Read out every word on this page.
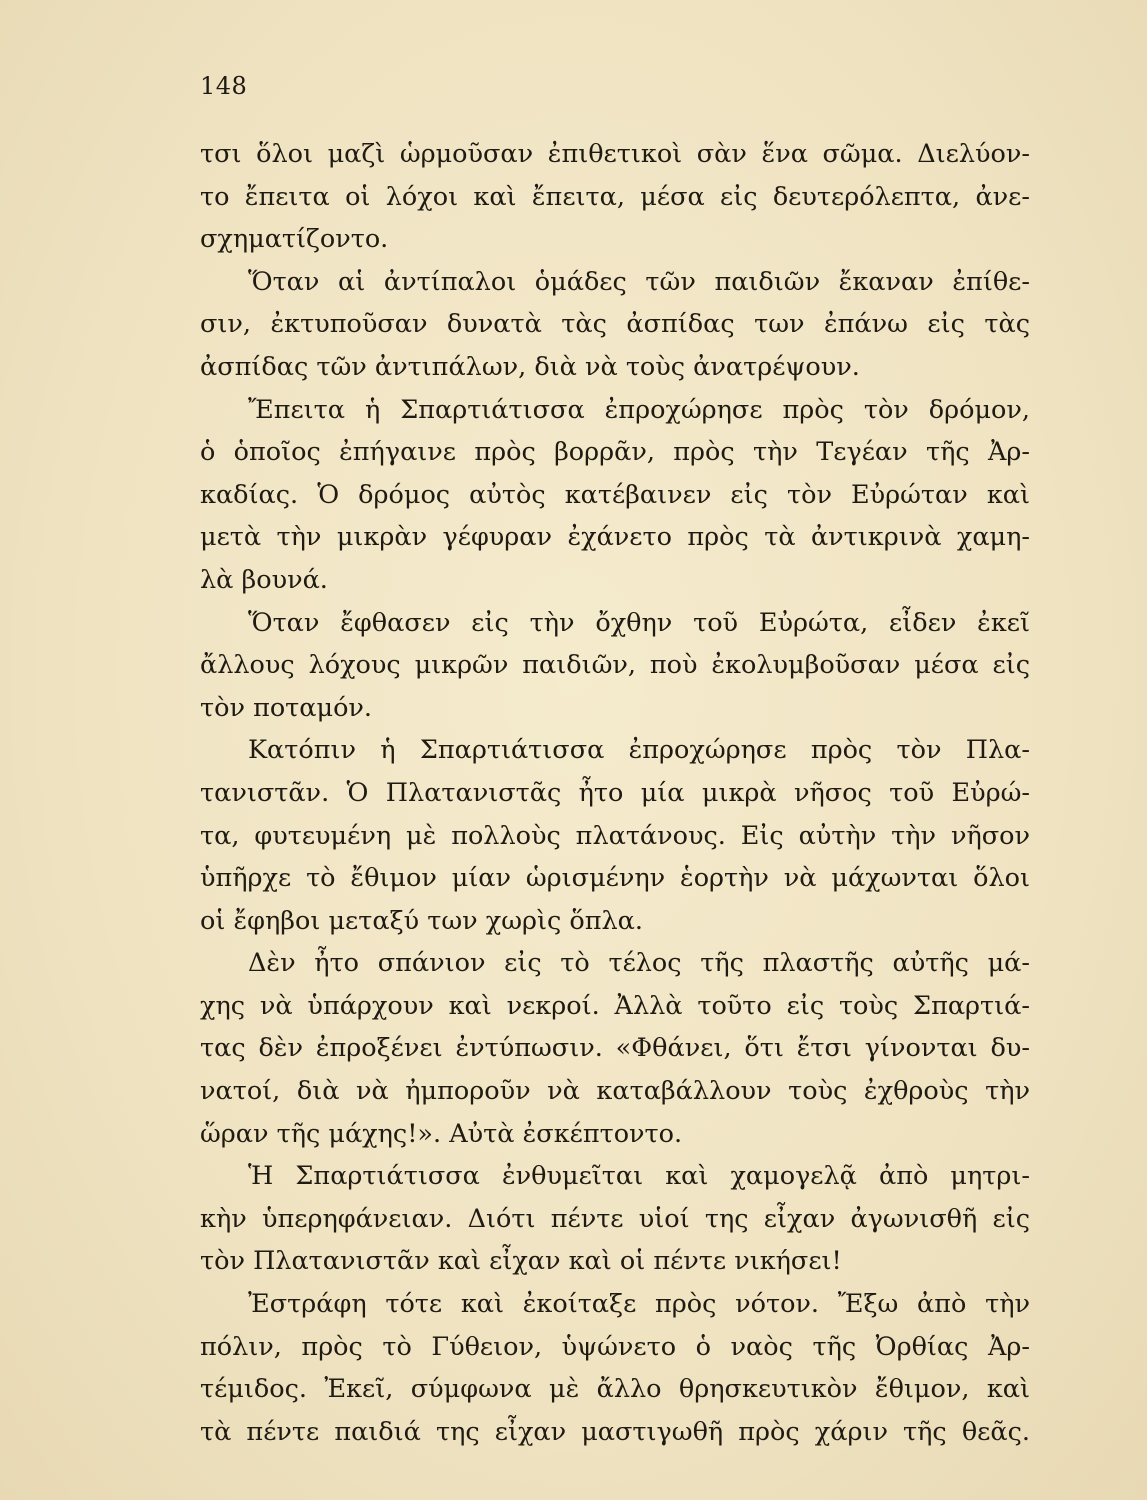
148
τσι ὅλοι μαζὶ ὡρμοῦσαν ἐπιθετικοὶ σὰν ἕνα σῶμα. Διελύον-
το ἔπειτα οἱ λόχοι καὶ ἔπειτα, μέσα εἰς δευτερόλεπτα, ἀνε-
σχηματίζοντο.
Ὅταν αἱ ἀντίπαλοι ὁμάδες τῶν παιδιῶν ἔκαναν ἐπίθε-
σιν, ἐκτυποῦσαν δυνατὰ τὰς ἀσπίδας των ἐπάνω εἰς τὰς
ἀσπίδας τῶν ἀντιπάλων, διὰ νὰ τοὺς ἀνατρέψουν.
Ἔπειτα ἡ Σπαρτιάτισσα ἐπροχώρησε πρὸς τὸν δρόμον,
ὁ ὁποῖος ἐπήγαινε πρὸς βορρᾶν, πρὸς τὴν Τεγέαν τῆς Ἀρ-
καδίας. Ὁ δρόμος αὐτὸς κατέβαινεν εἰς τὸν Εὐρώταν καὶ
μετὰ τὴν μικρὰν γέφυραν ἐχάνετο πρὸς τὰ ἀντικρινὰ χαμη-
λὰ βουνά.
Ὅταν ἔφθασεν εἰς τὴν ὄχθην τοῦ Εὐρώτα, εἶδεν ἐκεῖ
ἄλλους λόχους μικρῶν παιδιῶν, ποὺ ἐκολυμβοῦσαν μέσα εἰς
τὸν ποταμόν.
Κατόπιν ἡ Σπαρτιάτισσα ἐπροχώρησε πρὸς τὸν Πλα-
τανιστᾶν. Ὁ Πλατανιστᾶς ἦτο μία μικρὰ νῆσος τοῦ Εὐρώ-
τα, φυτευμένη μὲ πολλοὺς πλατάνους. Εἰς αὐτὴν τὴν νῆσον
ὑπῆρχε τὸ ἔθιμον μίαν ὡρισμένην ἑορτὴν νὰ μάχωνται ὅλοι
οἱ ἔφηβοι μεταξύ των χωρὶς ὅπλα.
Δὲν ἦτο σπάνιον εἰς τὸ τέλος τῆς πλαστῆς αὐτῆς μά-
χης νὰ ὑπάρχουν καὶ νεκροί. Ἀλλὰ τοῦτο εἰς τοὺς Σπαρτιά-
τας δὲν ἐπροξένει ἐντύπωσιν. «Φθάνει, ὅτι ἔτσι γίνονται δυ-
νατοί, διὰ νὰ ἠμποροῦν νὰ καταβάλλουν τοὺς ἐχθροὺς τὴν
ὥραν τῆς μάχης!». Αὐτὰ ἐσκέπτοντο.
Ἡ Σπαρτιάτισσα ἐνθυμεῖται καὶ χαμογελᾷ ἀπὸ μητρι-
κὴν ὑπερηφάνειαν. Διότι πέντε υἱοί της εἶχαν ἀγωνισθῆ εἰς
τὸν Πλατανιστᾶν καὶ εἶχαν καὶ οἱ πέντε νικήσει!
Ἐστράφη τότε καὶ ἐκοίταξε πρὸς νότον. Ἔξω ἀπὸ τὴν
πόλιν, πρὸς τὸ Γύθειον, ὑψώνετο ὁ ναὸς τῆς Ὀρθίας Ἀρ-
τέμιδος. Ἐκεῖ, σύμφωνα μὲ ἄλλο θρησκευτικὸν ἔθιμον, καὶ
τὰ πέντε παιδιά της εἶχαν μαστιγωθῆ πρὸς χάριν τῆς θεᾶς.
